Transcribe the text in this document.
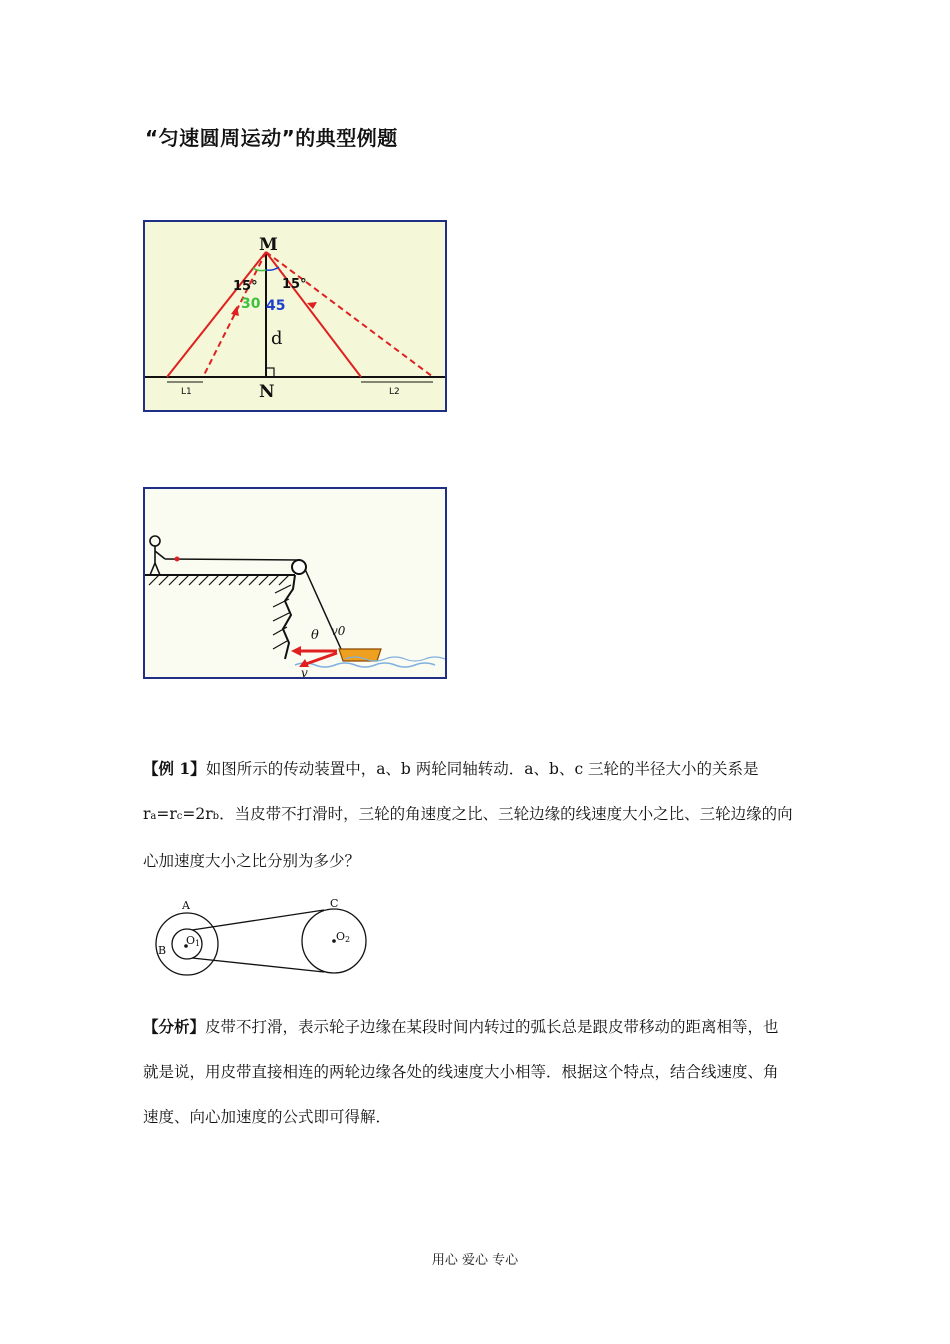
“匀速圆周运动”的典型例题
L1	L2
M
N
d
15° 15°
30 45
θ v0
v
【例 1】如图所示的传动装置中，a、b 两轮同轴转动．a、b、c 三轮的半径大小的关系是
ra=rc=2rb．当皮带不打滑时，三轮的角速度之比、三轮边缘的线速度大小之比、三轮边缘的向
心加速度大小之比分别为多少？
A
B
C
O1
O2
【分析】皮带不打滑，表示轮子边缘在某段时间内转过的弧长总是跟皮带移动的距离相等，也
就是说，用皮带直接相连的两轮边缘各处的线速度大小相等．根据这个特点，结合线速度、角
速度、向心加速度的公式即可得解．
用心 爱心 专心
